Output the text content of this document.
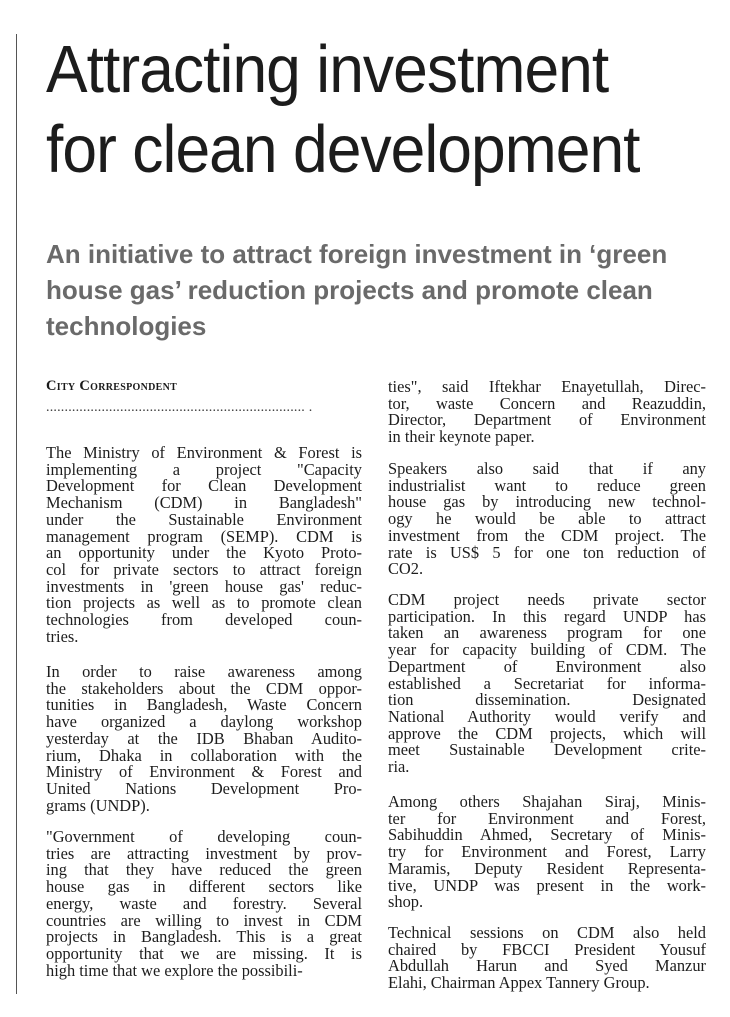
Attracting investment
for clean development
An initiative to attract foreign investment in ‘green
house gas’ reduction projects and promote clean
technologies

City Correspondent

...................................................................... .
The Ministry of Environment & Forest is
implementing a project "Capacity
Development for Clean Development
Mechanism (CDM) in Bangladesh"
under the Sustainable Environment
management program (SEMP). CDM is
an opportunity under the Kyoto Proto-
col for private sectors to attract foreign
investments in 'green house gas' reduc-
tion projects as well as to promote clean
technologies from developed coun-
tries.
In order to raise awareness among
the stakeholders about the CDM oppor-
tunities in Bangladesh, Waste Concern
have organized a daylong workshop
yesterday at the IDB Bhaban Audito-
rium, Dhaka in collaboration with the
Ministry of Environment & Forest and
United Nations Development Pro-
grams (UNDP).
"Government of developing coun-
tries are attracting investment by prov-
ing that they have reduced the green
house gas in different sectors like
energy, waste and forestry. Several
countries are willing to invest in CDM
projects in Bangladesh. This is a great
opportunity that we are missing. It is
high time that we explore the possibili-
ties", said Iftekhar Enayetullah, Direc-
tor, waste Concern and Reazuddin,
Director, Department of Environment
in their keynote paper.
Speakers also said that if any
industrialist want to reduce green
house gas by introducing new technol-
ogy he would be able to attract
investment from the CDM project. The
rate is US$ 5 for one ton reduction of
CO2.
CDM project needs private sector
participation. In this regard UNDP has
taken an awareness program for one
year for capacity building of CDM. The
Department of Environment also
established a Secretariat for informa-
tion dissemination. Designated
National Authority would verify and
approve the CDM projects, which will
meet Sustainable Development crite-
ria.
Among others Shajahan Siraj, Minis-
ter for Environment and Forest,
Sabihuddin Ahmed, Secretary of Minis-
try for Environment and Forest, Larry
Maramis, Deputy Resident Representa-
tive, UNDP was present in the work-
shop.
Technical sessions on CDM also held
chaired by FBCCI President Yousuf
Abdullah Harun and Syed Manzur
Elahi, Chairman Appex Tannery Group.
